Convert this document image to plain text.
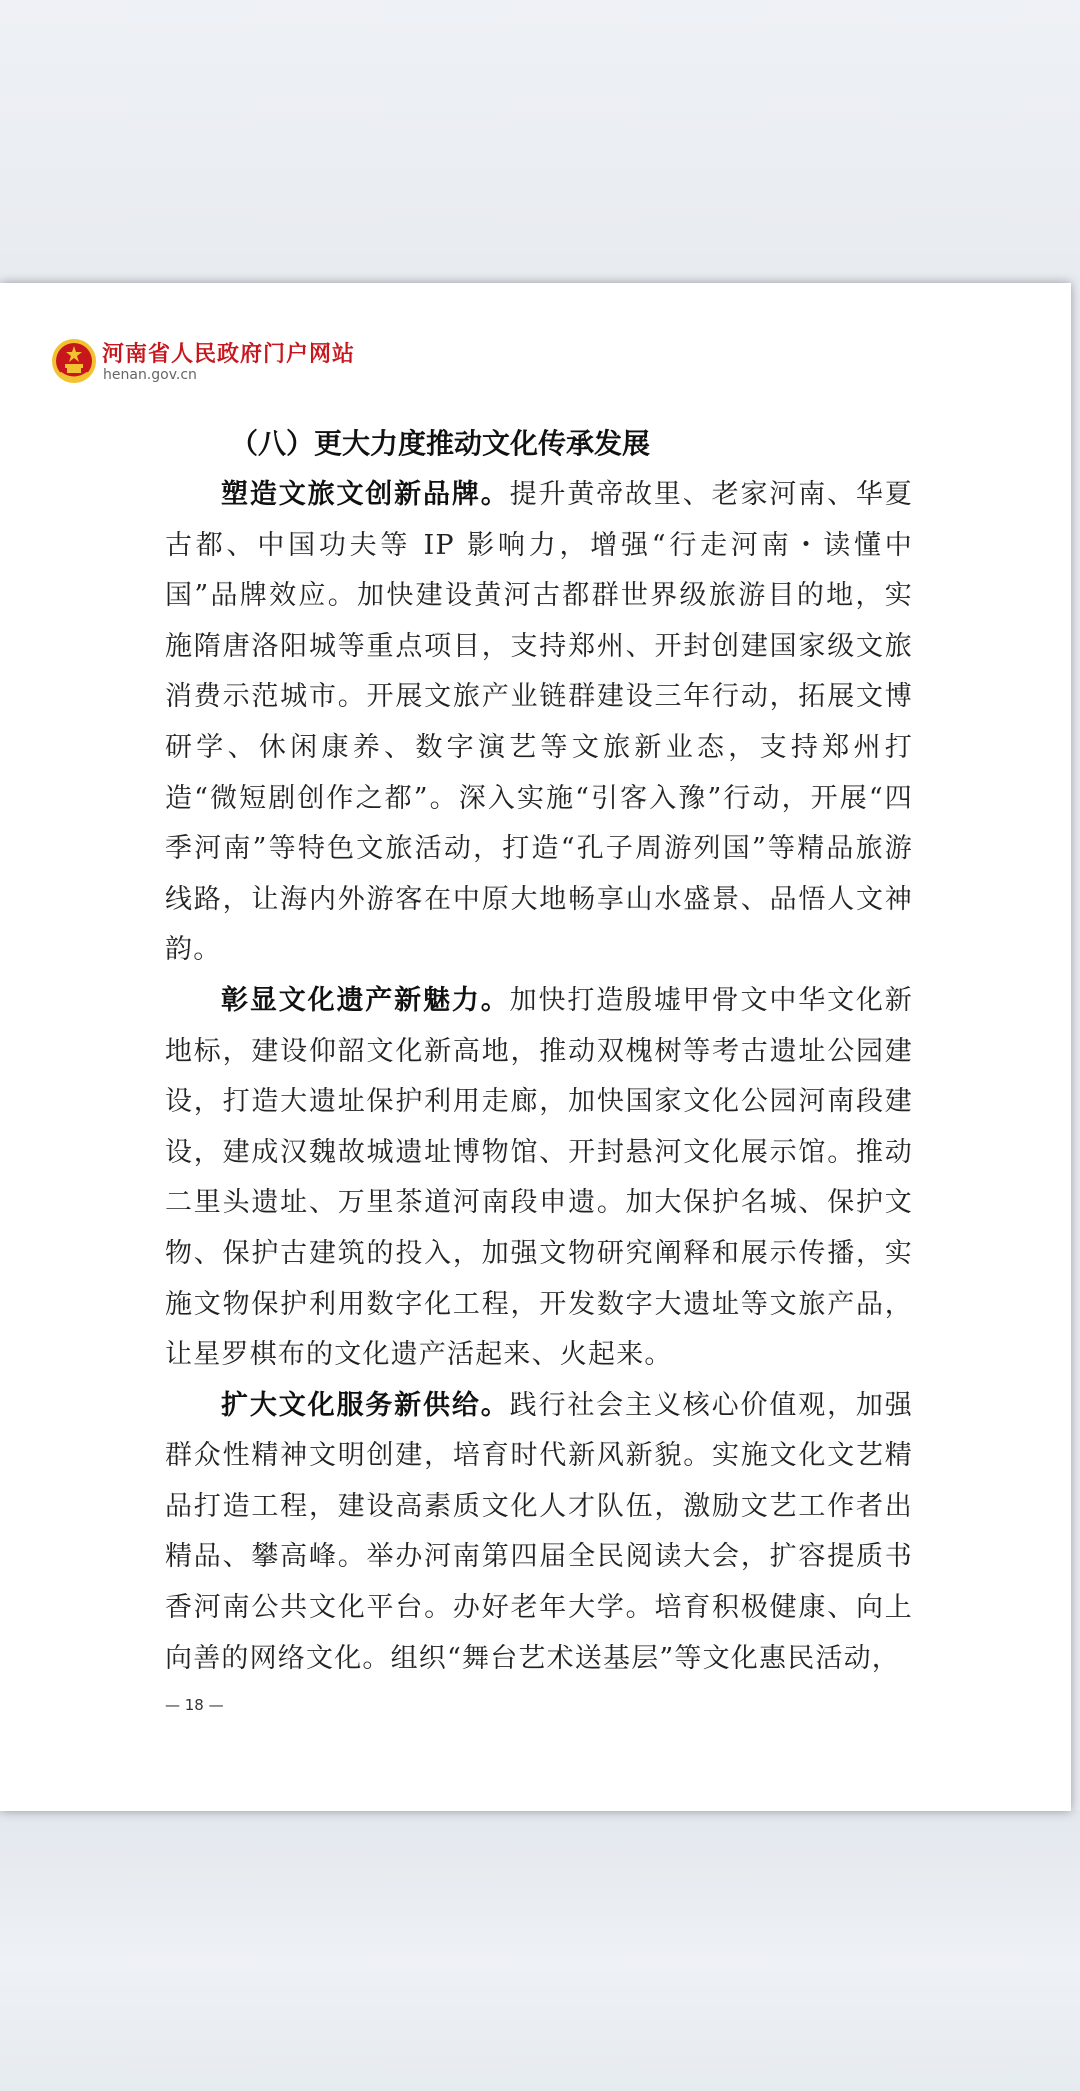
河南省人民政府门户网站
henan.gov.cn
（八）更大力度推动文化传承发展

塑造文旅文创新品牌。提升黄帝故里、老家河南、华夏古都、中国功夫等 IP 影响力，增强“行走河南・读懂中国”品牌效应。加快建设黄河古都群世界级旅游目的地，实施隋唐洛阳城等重点项目，支持郑州、开封创建国家级文旅消费示范城市。开展文旅产业链群建设三年行动，拓展文博研学、休闲康养、数字演艺等文旅新业态，支持郑州打造“微短剧创作之都”。深入实施“引客入豫”行动，开展“四季河南”等特色文旅活动，打造“孔子周游列国”等精品旅游线路，让海内外游客在中原大地畅享山水盛景、品悟人文神韵。

彰显文化遗产新魅力。加快打造殷墟甲骨文中华文化新地标，建设仰韶文化新高地，推动双槐树等考古遗址公园建设，打造大遗址保护利用走廊，加快国家文化公园河南段建设，建成汉魏故城遗址博物馆、开封悬河文化展示馆。推动二里头遗址、万里茶道河南段申遗。加大保护名城、保护文物、保护古建筑的投入，加强文物研究阐释和展示传播，实施文物保护利用数字化工程，开发数字大遗址等文旅产品，让星罗棋布的文化遗产活起来、火起来。

扩大文化服务新供给。践行社会主义核心价值观，加强群众性精神文明创建，培育时代新风新貌。实施文化文艺精品打造工程，建设高素质文化人才队伍，激励文艺工作者出精品、攀高峰。举办河南第四届全民阅读大会，扩容提质书香河南公共文化平台。办好老年大学。培育积极健康、向上向善的网络文化。组织“舞台艺术送基层”等文化惠民活动，

— 18 —
